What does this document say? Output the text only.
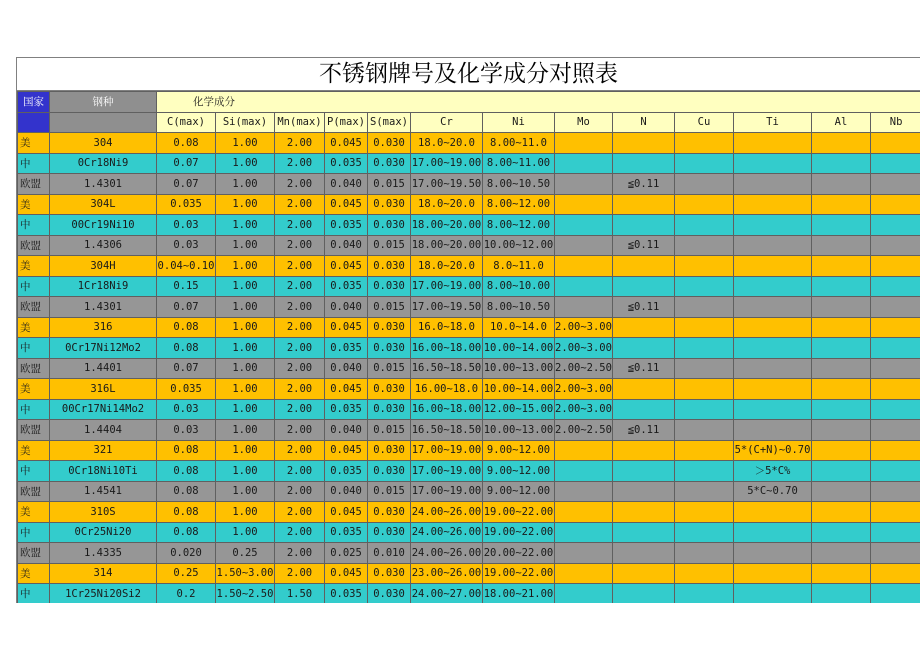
不锈钢牌号及化学成分对照表
国家	钢种	化学成分												
		C(max)	Si(max)	Mn(max)	P(max)	S(max)	Cr	Ni	Mo	N	Cu	Ti	Al	Nb
美	304	0.08	1.00	2.00	0.045	0.030	18.0~20.0	8.00~11.0						
中	0Cr18Ni9	0.07	1.00	2.00	0.035	0.030	17.00~19.00	8.00~11.00						
欧盟	1.4301	0.07	1.00	2.00	0.040	0.015	17.00~19.50	8.00~10.50		≦0.11				
美	304L	0.035	1.00	2.00	0.045	0.030	18.0~20.0	8.00~12.00						
中	00Cr19Ni10	0.03	1.00	2.00	0.035	0.030	18.00~20.00	8.00~12.00						
欧盟	1.4306	0.03	1.00	2.00	0.040	0.015	18.00~20.00	10.00~12.00		≦0.11				
美	304H	0.04~0.10	1.00	2.00	0.045	0.030	18.0~20.0	8.0~11.0						
中	1Cr18Ni9	0.15	1.00	2.00	0.035	0.030	17.00~19.00	8.00~10.00						
欧盟	1.4301	0.07	1.00	2.00	0.040	0.015	17.00~19.50	8.00~10.50		≦0.11				
美	316	0.08	1.00	2.00	0.045	0.030	16.0~18.0	10.0~14.0	2.00~3.00					
中	0Cr17Ni12Mo2	0.08	1.00	2.00	0.035	0.030	16.00~18.00	10.00~14.00	2.00~3.00					
欧盟	1.4401	0.07	1.00	2.00	0.040	0.015	16.50~18.50	10.00~13.00	2.00~2.50	≦0.11				
美	316L	0.035	1.00	2.00	0.045	0.030	16.00~18.0	10.00~14.00	2.00~3.00					
中	00Cr17Ni14Mo2	0.03	1.00	2.00	0.035	0.030	16.00~18.00	12.00~15.00	2.00~3.00					
欧盟	1.4404	0.03	1.00	2.00	0.040	0.015	16.50~18.50	10.00~13.00	2.00~2.50	≦0.11				
美	321	0.08	1.00	2.00	0.045	0.030	17.00~19.00	9.00~12.00				5*(C+N)~0.70		
中	0Cr18Ni10Ti	0.08	1.00	2.00	0.035	0.030	17.00~19.00	9.00~12.00				＞5*C%		
欧盟	1.4541	0.08	1.00	2.00	0.040	0.015	17.00~19.00	9.00~12.00				5*C~0.70		
美	310S	0.08	1.00	2.00	0.045	0.030	24.00~26.00	19.00~22.00						
中	0Cr25Ni20	0.08	1.00	2.00	0.035	0.030	24.00~26.00	19.00~22.00						
欧盟	1.4335	0.020	0.25	2.00	0.025	0.010	24.00~26.00	20.00~22.00						
美	314	0.25	1.50~3.00	2.00	0.045	0.030	23.00~26.00	19.00~22.00						
中	1Cr25Ni20Si2	0.2	1.50~2.50	1.50	0.035	0.030	24.00~27.00	18.00~21.00						
